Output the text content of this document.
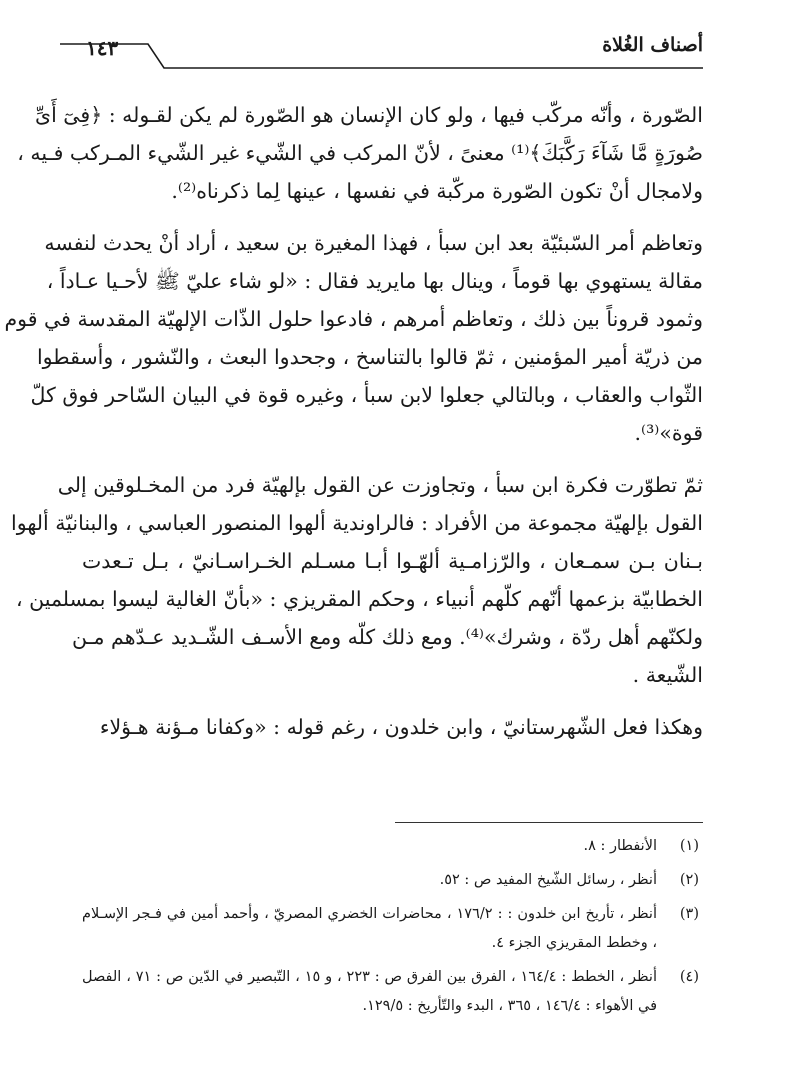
أصناف الغُلاة
١٤٣

الصّورة ، وأنّه مركّب فيها ، ولو كان الإنسان هو الصّورة لم يكن لقـوله : ﴿فِىٓ أَىِّ
صُورَةٍ مَّا شَآءَ رَكَّبَكَ﴾⁽¹⁾ معنىً ، لأنّ المركب في الشّيء غير الشّيء المـركب فـيه ،
ولامجال أنْ تكون الصّورة مركّبة في نفسها ، عينها لِما ذكرناه⁽²⁾.

وتعاظم أمر السّبئيّة بعد ابن سبأ ، فهذا المغيرة بن سعيد ، أراد أنْ يحدث لنفسه
مقالة يستهوي بها قوماً ، وينال بها مايريد فقال : «لو شاء عليّ ﷺ لأحـيا عـاداً ،
وثمود قروناً بين ذلك ، وتعاظم أمرهم ، فادعوا حلول الذّات الإلهيّة المقدسة في قوم
من ذريّة أمير المؤمنين ، ثمّ قالوا بالتناسخ ، وجحدوا البعث ، والنّشور ، وأسقطوا
الثّواب والعقاب ، وبالتالي جعلوا لابن سبأ ، وغيره قوة في البيان السّاحر فوق كلّ
قوة»⁽³⁾.

ثمّ تطوّرت فكرة ابن سبأ ، وتجاوزت عن القول بإلهيّة فرد من المخـلوقين إلى
القول بإلهيّة مجموعة من الأفراد : فالراوندية ألهوا المنصور العباسي ، والبنانيّة ألهوا
بـنان بـن سمـعان ، والرّزامـية ألهّـوا أبـا مسـلم الخـراسـانيّ ، بـل تـعدت
الخطابيّة بزعمها أنّهم كلّهم أنبياء ، وحكم المقريزي : «بأنّ الغالية ليسوا بمسلمين ،
ولكنّهم أهل ردّة ، وشرك»⁽⁴⁾. ومع ذلك كلّه ومع الأسـف الشّـديد عـدّهم مـن
الشّيعة .

وهكذا فعل الشّهرستانيّ ، وابن خلدون ، رغم قوله : «وكفانا مـؤنة هـؤلاء

(١)
الأنفطار : ٨.
(٢)
أنظر ، رسائل الشّيخ المفيد ص : ٥٢.
(٣)
أنظر ، تأريخ ابن خلدون : : ١٧٦/٢ ، محاضرات الخضري المصريّ ، وأحمد أمين في فـجر الإسـلام ، وخطط المقريزي الجزء ٤.
(٤)
أنظر ، الخطط : ١٦٤/٤ ، الفرق بين الفرق ص : ٢٢٣ ، و ١٥ ، التّبصير في الدّين ص : ٧١ ، الفصل في الأهواء : ١٤٦/٤ ، ٣٦٥ ، البدء والتّأريخ : ١٢٩/٥.
